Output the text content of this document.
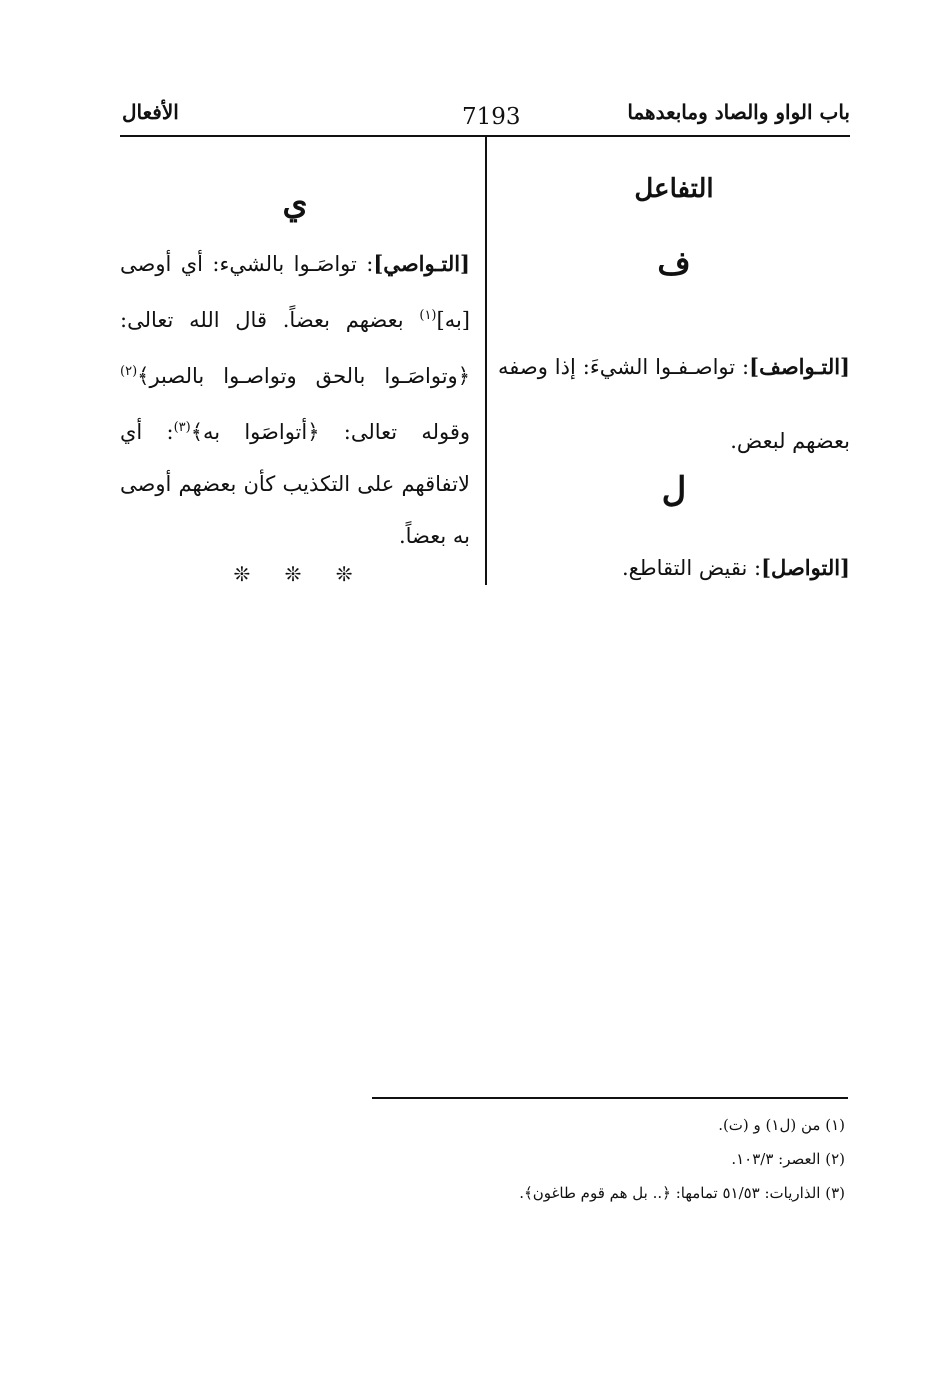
باب الواو والصاد ومابعدهما
7193
الأفعال
التفاعل
ف
[التـواصف]: تواصـفـوا الشيءَ: إذا وصفه بعضهم لبعض.
ل
[التواصل]: نقيض التقاطع.
ي
[التـواصي]: تواصَـوا بالشيء: أي أوصى [به]$^{(١)}$ بعضهم بعضاً. قال الله تعالى: ﴿وتواصَـوا بالحق وتواصـوا بالصبر﴾$^{(٢)}$ وقوله تعالى: ﴿أتواصَوا به﴾$^{(٣)}$: أي لاتفاقهم على التكذيب كأن بعضهم أوصى به بعضاً.
❊ ❊ ❊
(١) من (ل١) و (ت).
(٢) العصر: ١٠٣/٣.
(٣) الذاريات: ٥١/٥٣ تمامها: ﴿.. بل هم قوم طاغون﴾.
